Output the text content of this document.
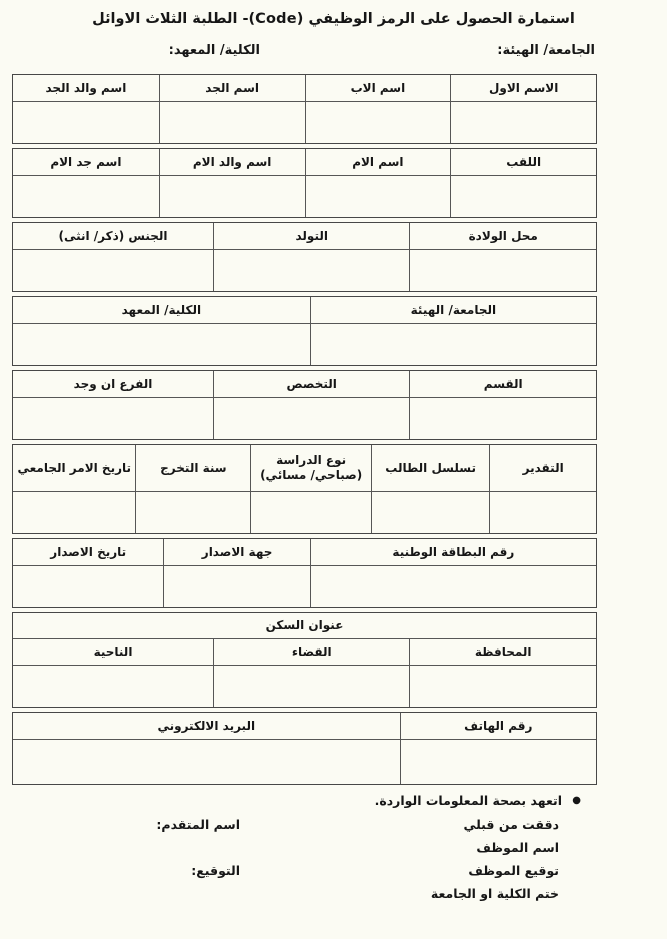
استمارة الحصول على الرمز الوظيفي (Code)- الطلبة الثلاث الاوائل
الجامعة/ الهيئة:
الكلية/ المعهد:
الاسم الاول
اسم الاب
اسم الجد
اسم والد الجد
اللقب
اسم الام
اسم والد الام
اسم جد الام
محل الولادة
التولد
الجنس (ذكر/ انثى)
الجامعة/ الهيئة
الكلية/ المعهد
القسم
التخصص
الفرع ان وجد
التقدير
تسلسل الطالب
نوع الدراسة (صباحي/ مسائي)
سنة التخرج
تاريخ الامر الجامعي
رقم البطاقة الوطنية
جهة الاصدار
تاريخ الاصدار
عنوان السكن
المحافظة
القضاء
الناحية
رقم الهاتف
البريد الالكتروني
●
اتعهد بصحة المعلومات الواردة.
دققت من قبلي
اسم المتقدم:
اسم الموظف
توقيع الموظف
التوقيع:
ختم الكلية او الجامعة
